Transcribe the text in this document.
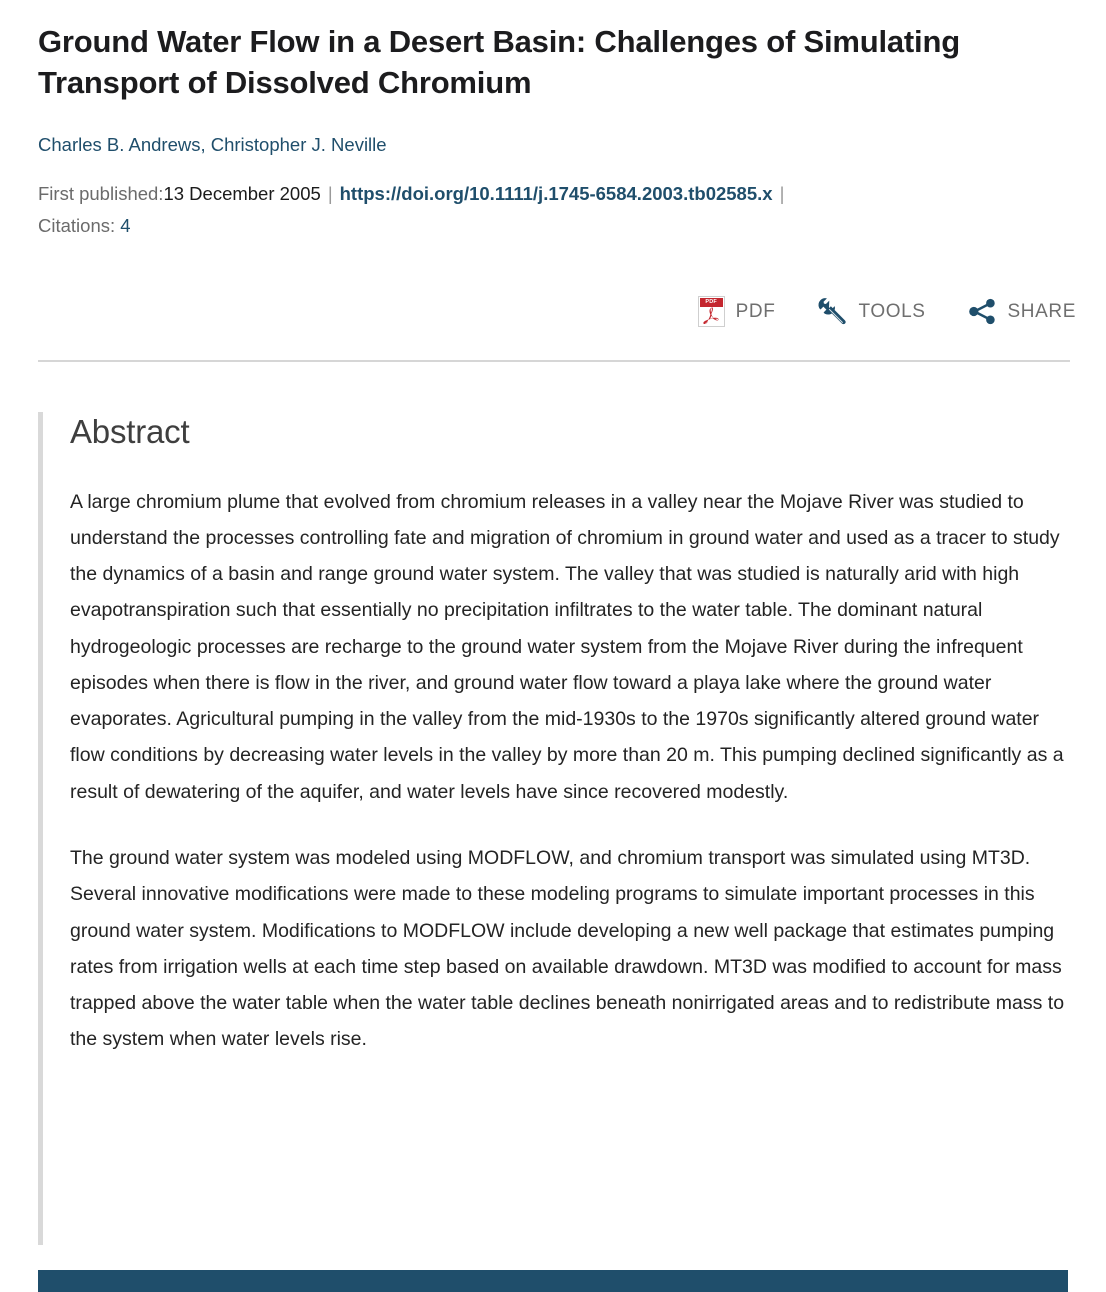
Ground Water Flow in a Desert Basin: Challenges of Simulating Transport of Dissolved Chromium
Charles B. Andrews, Christopher J. Neville
First published:13 December 2005 | https://doi.org/10.1111/j.1745-6584.2003.tb02585.x |
Citations: 4
PDF PDF	TOOLS	SHARE
Abstract

A large chromium plume that evolved from chromium releases in a valley near the Mojave River was studied to understand the processes controlling fate and migration of chromium in ground water and used as a tracer to study the dynamics of a basin and range ground water system. The valley that was studied is naturally arid with high evapotranspiration such that essentially no precipitation infiltrates to the water table. The dominant natural hydrogeologic processes are recharge to the ground water system from the Mojave River during the infrequent episodes when there is flow in the river, and ground water flow toward a playa lake where the ground water evaporates. Agricultural pumping in the valley from the mid-1930s to the 1970s significantly altered ground water flow conditions by decreasing water levels in the valley by more than 20 m. This pumping declined significantly as a result of dewatering of the aquifer, and water levels have since recovered modestly.

The ground water system was modeled using MODFLOW, and chromium transport was simulated using MT3D. Several innovative modifications were made to these modeling programs to simulate important processes in this ground water system. Modifications to MODFLOW include developing a new well package that estimates pumping rates from irrigation wells at each time step based on available drawdown. MT3D was modified to account for mass trapped above the water table when the water table declines beneath nonirrigated areas and to redistribute mass to the system when water levels rise.
